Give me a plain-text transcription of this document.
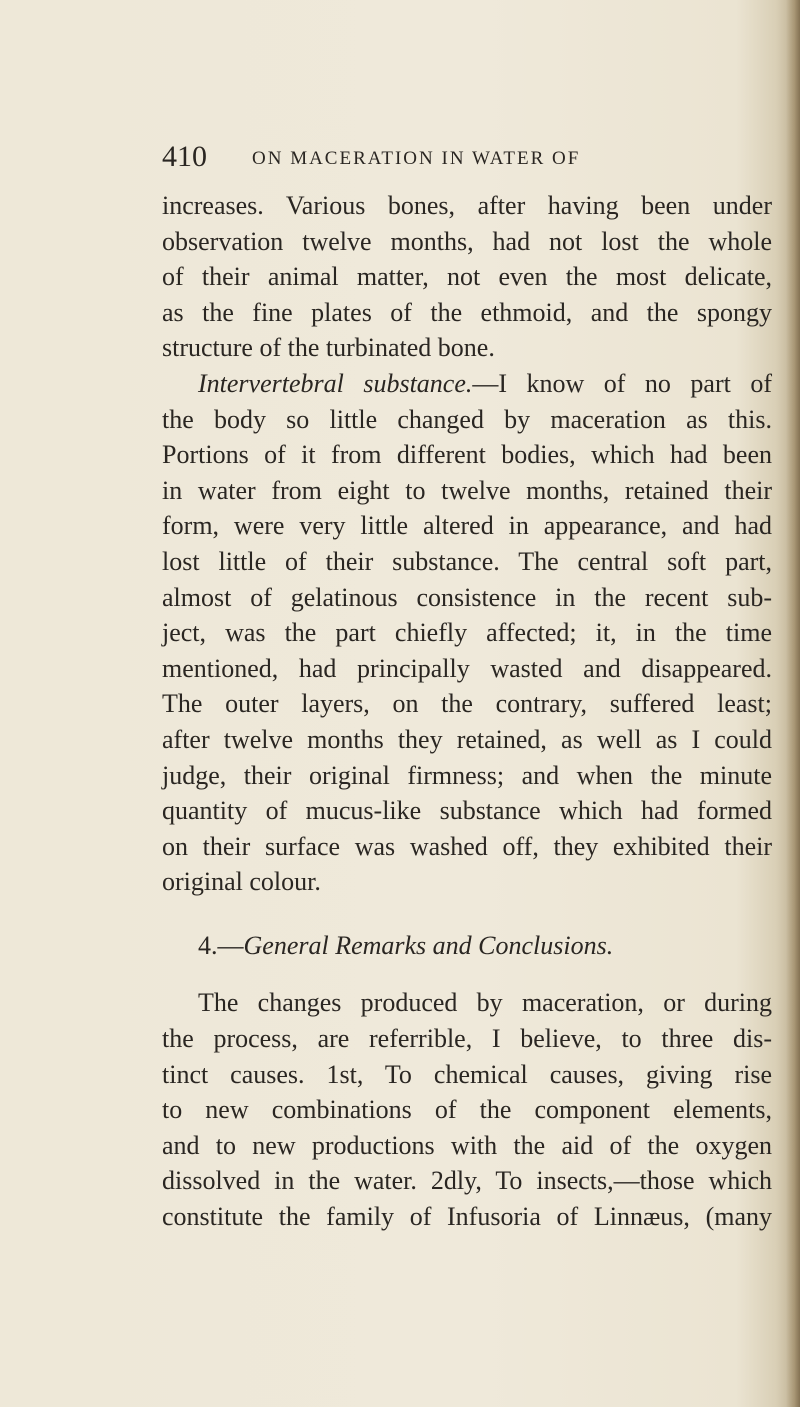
410 ON MACERATION IN WATER OF
increases. Various bones, after having been under
observation twelve months, had not lost the whole
of their animal matter, not even the most delicate,
as the fine plates of the ethmoid, and the spongy
structure of the turbinated bone.
Intervertebral substance.—I know of no part of
the body so little changed by maceration as this.
Portions of it from different bodies, which had been
in water from eight to twelve months, retained their
form, were very little altered in appearance, and had
lost little of their substance. The central soft part,
almost of gelatinous consistence in the recent sub-
ject, was the part chiefly affected; it, in the time
mentioned, had principally wasted and disappeared.
The outer layers, on the contrary, suffered least;
after twelve months they retained, as well as I could
judge, their original firmness; and when the minute
quantity of mucus-like substance which had formed
on their surface was washed off, they exhibited their
original colour.
4.—General Remarks and Conclusions.
The changes produced by maceration, or during
the process, are referrible, I believe, to three dis-
tinct causes. 1st, To chemical causes, giving rise
to new combinations of the component elements,
and to new productions with the aid of the oxygen
dissolved in the water. 2dly, To insects,—those which
constitute the family of Infusoria of Linnæus, (many
